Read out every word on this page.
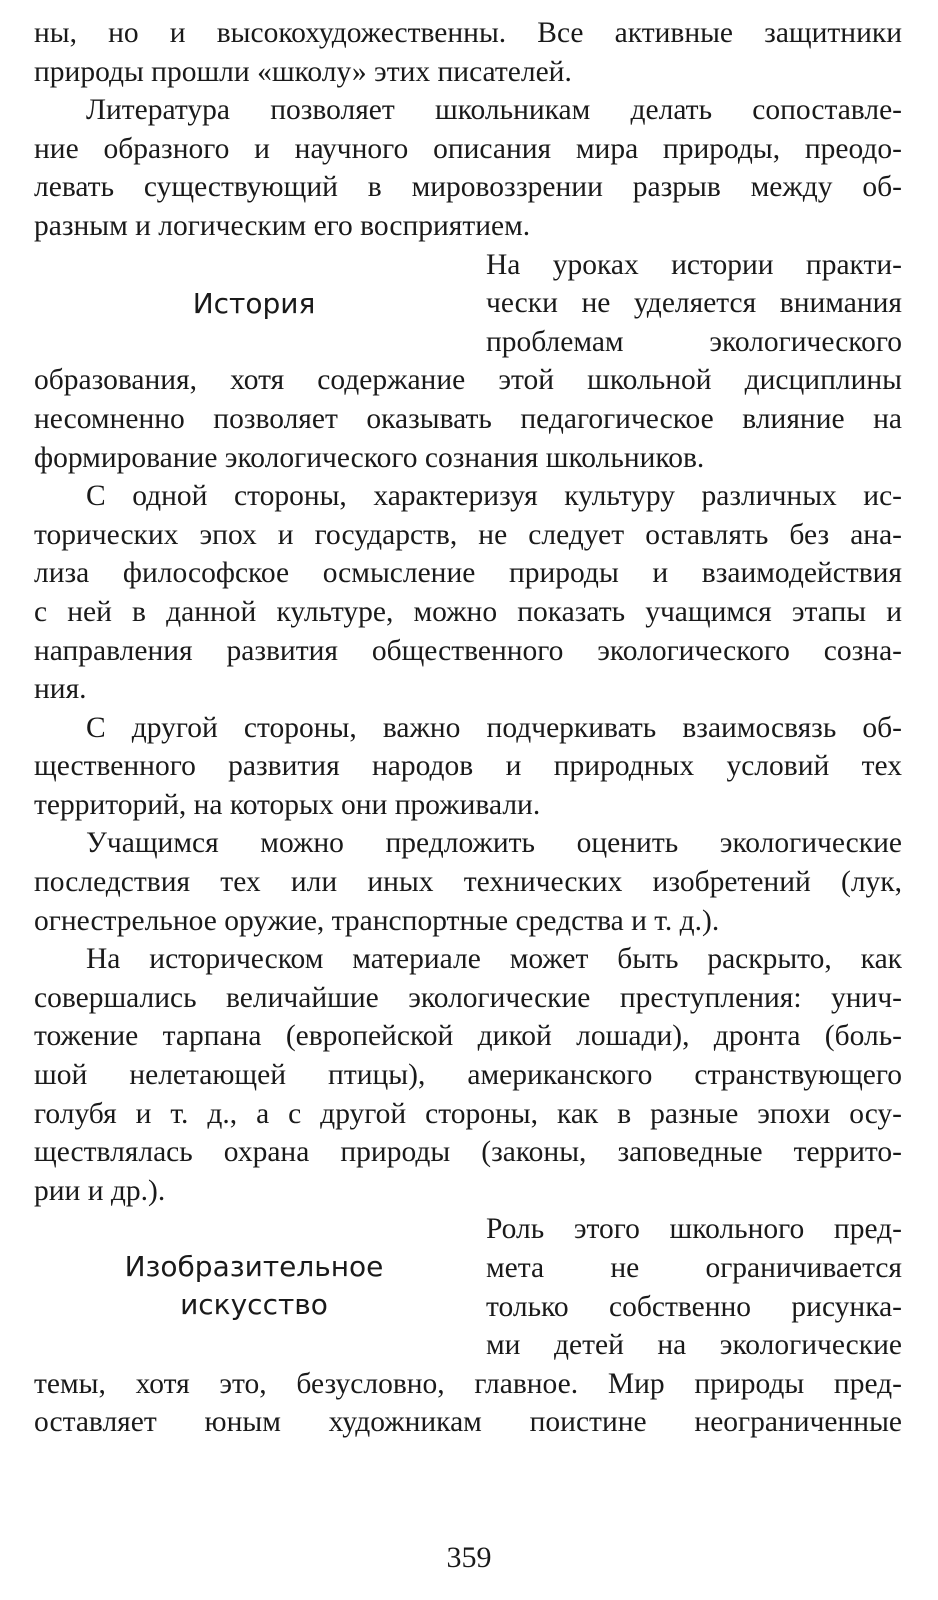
ны, но и высокохудожественны. Все активные защитники
природы прошли «школу» этих писателей.
Литература позволяет школьникам делать сопоставле-
ние образного и научного описания мира природы, преодо-
левать существующий в мировоззрении разрыв между об-
разным и логическим его восприятием.
История
На уроках истории практи-
чески не уделяется внимания
проблемам экологического
образования, хотя содержание этой школьной дисциплины
несомненно позволяет оказывать педагогическое влияние на
формирование экологического сознания школьников.
С одной стороны, характеризуя культуру различных ис-
торических эпох и государств, не следует оставлять без ана-
лиза философское осмысление природы и взаимодействия
с ней в данной культуре, можно показать учащимся этапы и
направления развития общественного экологического созна-
ния.
С другой стороны, важно подчеркивать взаимосвязь об-
щественного развития народов и природных условий тех
территорий, на которых они проживали.
Учащимся можно предложить оценить экологические
последствия тех или иных технических изобретений (лук,
огнестрельное оружие, транспортные средства и т. д.).
На историческом материале может быть раскрыто, как
совершались величайшие экологические преступления: унич-
тожение тарпана (европейской дикой лошади), дронта (боль-
шой нелетающей птицы), американского странствующего
голубя и т. д., а с другой стороны, как в разные эпохи осу-
ществлялась охрана природы (законы, заповедные террито-
рии и др.).
Изобразительное
искусство
Роль этого школьного пред-
мета не ограничивается
только собственно рисунка-
ми детей на экологические
темы, хотя это, безусловно, главное. Мир природы пред-
оставляет юным художникам поистине неограниченные
359
